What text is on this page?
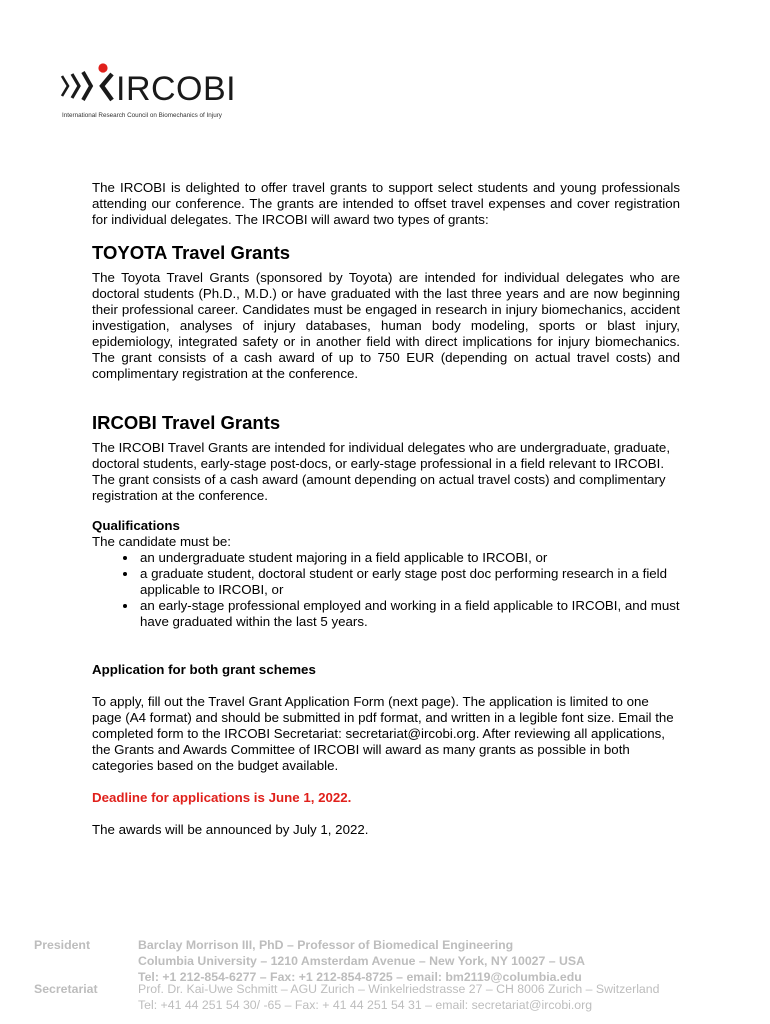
IRCOBI
International Research Council on Biomechanics of Injury

The IRCOBI is delighted to offer travel grants to support select students and young professionals attending our conference. The grants are intended to offset travel expenses and cover registration for individual delegates. The IRCOBI will award two types of grants:

TOYOTA Travel Grants

The Toyota Travel Grants (sponsored by Toyota) are intended for individual delegates who are doctoral students (Ph.D., M.D.) or have graduated with the last three years and are now beginning their professional career. Candidates must be engaged in research in injury biomechanics, accident investigation, analyses of injury databases, human body modeling, sports or blast injury, epidemiology, integrated safety or in another field with direct implications for injury biomechanics. The grant consists of a cash award of up to 750 EUR (depending on actual travel costs) and complimentary registration at the conference.

IRCOBI Travel Grants

The IRCOBI Travel Grants are intended for individual delegates who are undergraduate, graduate, doctoral students, early-stage post-docs, or early-stage professional in a field relevant to IRCOBI. The grant consists of a cash award (amount depending on actual travel costs) and complimentary registration at the conference.

Qualifications

The candidate must be:

• an undergraduate student majoring in a field applicable to IRCOBI, or
• a graduate student, doctoral student or early stage post doc performing research in a field applicable to IRCOBI, or
• an early-stage professional employed and working in a field applicable to IRCOBI, and must have graduated within the last 5 years.

Application for both grant schemes

To apply, fill out the Travel Grant Application Form (next page). The application is limited to one page (A4 format) and should be submitted in pdf format, and written in a legible font size. Email the completed form to the IRCOBI Secretariat: secretariat@ircobi.org. After reviewing all applications, the Grants and Awards Committee of IRCOBI will award as many grants as possible in both categories based on the budget available.

Deadline for applications is June 1, 2022.

The awards will be announced by July 1, 2022.

President	Barclay Morrison III, PhD – Professor of Biomedical Engineering
Columbia University – 1210 Amsterdam Avenue – New York, NY 10027 – USA
Tel: +1 212-854-6277 – Fax: +1 212-854-8725 – email: bm2119@columbia.edu
Secretariat	Prof. Dr. Kai-Uwe Schmitt – AGU Zurich – Winkelriedstrasse 27 – CH 8006 Zurich – Switzerland
Tel: +41 44 251 54 30/ -65 – Fax: + 41 44 251 54 31 – email: secretariat@ircobi.org
